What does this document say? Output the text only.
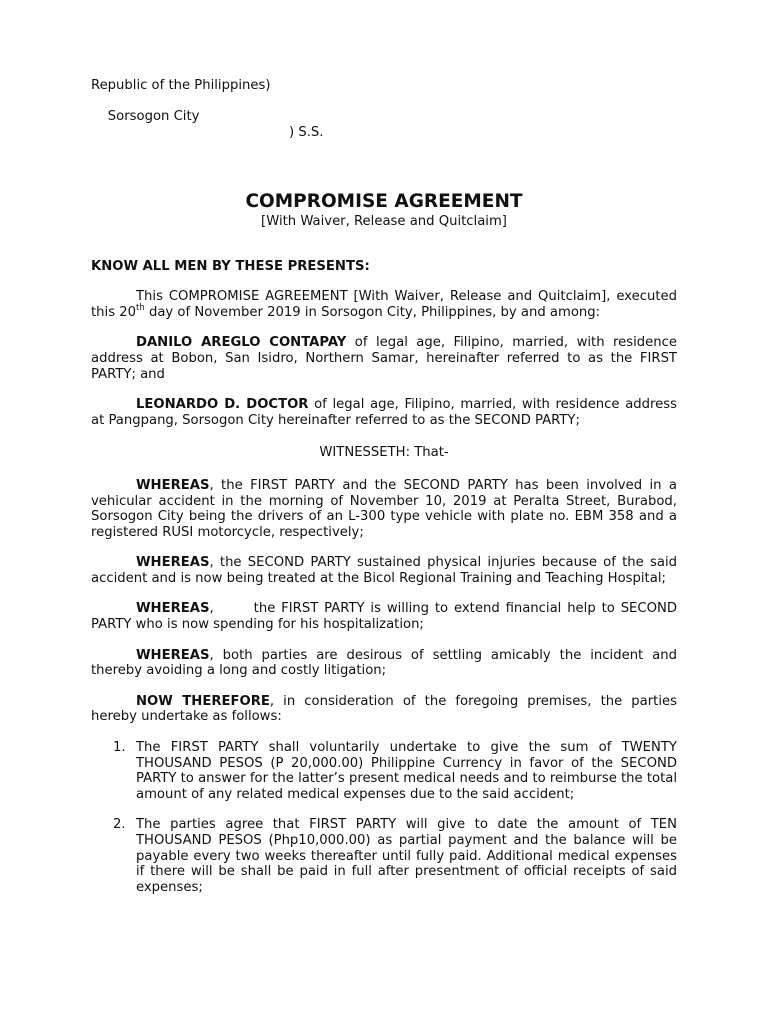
Republic of the Philippines)

Sorsogon City

) S.S.

COMPROMISE AGREEMENT
[With Waiver, Release and Quitclaim]
KNOW ALL MEN BY THESE PRESENTS:

This COMPROMISE AGREEMENT [With Waiver, Release and Quitclaim], executed this 20th day of November 2019 in Sorsogon City, Philippines, by and among:

DANILO AREGLO CONTAPAY of legal age, Filipino, married, with residence address at Bobon, San Isidro, Northern Samar, hereinafter referred to as the FIRST PARTY; and

LEONARDO D. DOCTOR of legal age, Filipino, married, with residence address at Pangpang, Sorsogon City hereinafter referred to as the SECOND PARTY;

WITNESSETH: That-

WHEREAS, the FIRST PARTY and the SECOND PARTY has been involved in a vehicular accident in the morning of November 10, 2019 at Peralta Street, Burabod, Sorsogon City being the drivers of an L-300 type vehicle with plate no. EBM 358 and a registered RUSI motorcycle, respectively;

WHEREAS, the SECOND PARTY sustained physical injuries because of the said accident and is now being treated at the Bicol Regional Training and Teaching Hospital;

WHEREAS,	the FIRST PARTY is willing to extend financial help to SECOND PARTY who is now spending for his hospitalization;

WHEREAS, both parties are desirous of settling amicably the incident and thereby avoiding a long and costly litigation;

NOW THEREFORE, in consideration of the foregoing premises, the parties hereby undertake as follows:

1. The FIRST PARTY shall voluntarily undertake to give the sum of TWENTY THOUSAND PESOS (P 20,000.00) Philippine Currency in favor of the SECOND PARTY to answer for the latter’s present medical needs and to reimburse the total amount of any related medical expenses due to the said accident;
2. The parties agree that FIRST PARTY will give to date the amount of TEN THOUSAND PESOS (Php10,000.00) as partial payment and the balance will be payable every two weeks thereafter until fully paid. Additional medical expenses if there will be shall be paid in full after presentment of official receipts of said expenses;
